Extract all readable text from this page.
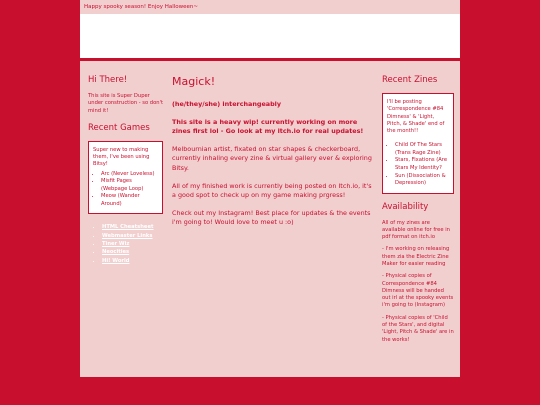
Happy spooky season! Enjoy Halloween~
Hi There!
This site is Super Duper under construction - so don't mind it!
Recent Games
Super new to making them, I've been using Bitsy!
• Arc (Never Loveless)
• Misfit Pages (Webpage Loop)
• Meow (Wander Around)
• HTML Cheatsheet
• Webmaster Links
• Tiner Wiz
• Neocities
• Hi! World
Magick!

(he/they/she) interchangeably

This site is a heavy wip! currently working on more zines first lol - Go look at my itch.io for real updates!

Melbournian artist, fixated on star shapes & checkerboard, currently inhaling every zine & virtual gallery ever & exploring Bitsy.

All of my finished work is currently being posted on Itch.io, it's a good spot to check up on my game making prgress!

Check out my Instagram! Best place for updates & the events i'm going to! Would love to meet u :o)

Recent Zines
I'll be posting 'Correspondence #84 Dimness' & 'Light, Pitch, & Shade' end of the month!!
• Child Of The Stars (Trans Rage Zine)
• Stars, Fixations (Are Stars My Identity?
• Sun (Dissociation & Depression)
Availability
All of my zines are available online for free in pdf format on itch.io
- I'm working on releasing them zia the Electric Zine Maker for easier reading
- Physical copies of Correspondence #84 Dimness will be handed out irl at the spooky events i'm going to (Instagram)
- Physical copies of 'Child of the Stars', and digital 'Light, Pitch & Shade' are in the works!
